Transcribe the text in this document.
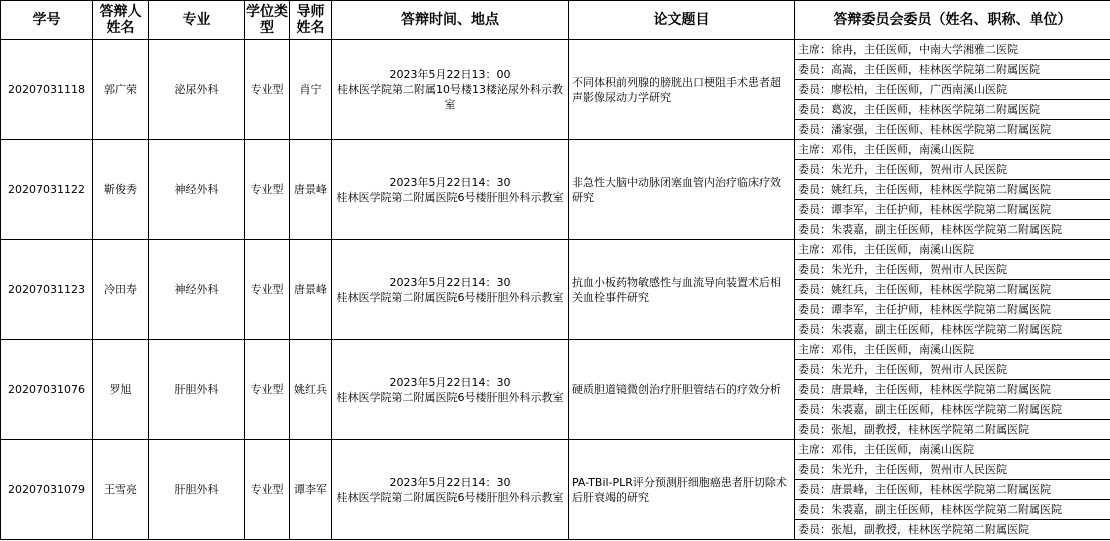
学号	答辩人姓名	专业	学位类型	导师姓名	答辩时间、地点	论文题目	答辩委员会委员（姓名、职称、单位）
20207031118	郭广荣	泌尿外科	专业型	肖宁	2023年5月22日13：00
桂林医学院第二附属10号楼13楼泌尿外科示教室	不同体积前列腺的膀胱出口梗阻手术患者超声影像尿动力学研究	主席：徐冉，主任医师，中南大学湘雅二医院
							委员：高嵩，主任医师，桂林医学院第二附属医院
							委员：廖松柏，主任医师，广西南溪山医院
							委员：葛波，主任医师，桂林医学院第二附属医院
							委员：潘家强，主任医师、桂林医学院第二附属医院
20207031122	靳俊秀	神经外科	专业型	唐景峰	2023年5月22日14：30
桂林医学院第二附属医院6号楼肝胆外科示教室	非急性大脑中动脉闭塞血管内治疗临床疗效研究	主席：邓伟，主任医师，南溪山医院
							委员：朱光升，主任医师，贺州市人民医院
							委员：姚红兵，主任医师，桂林医学院第二附属医院
							委员：谭李军，主任护师，桂林医学院第二附属医院
							委员：朱裘嘉，副主任医师，桂林医学院第二附属医院
20207031123	冷田寿	神经外科	专业型	唐景峰	2023年5月22日14：30
桂林医学院第二附属医院6号楼肝胆外科示教室	抗血小板药物敏感性与血流导向装置术后相关血栓事件研究	主席：邓伟，主任医师，南溪山医院
							委员：朱光升，主任医师，贺州市人民医院
							委员：姚红兵，主任医师，桂林医学院第二附属医院
							委员：谭李军，主任护师，桂林医学院第二附属医院
							委员：朱裘嘉，副主任医师，桂林医学院第二附属医院
20207031076	罗旭	肝胆外科	专业型	姚红兵	2023年5月22日14：30
桂林医学院第二附属医院6号楼肝胆外科示教室	硬质胆道镜微创治疗肝胆管结石的疗效分析	主席：邓伟，主任医师，南溪山医院
							委员：朱光升，主任医师，贺州市人民医院
							委员：唐景峰，主任医师，桂林医学院第二附属医院
							委员：朱裘嘉，副主任医师，桂林医学院第二附属医院
							委员：张旭，副教授，桂林医学院第二附属医院
20207031079	王雪亮	肝胆外科	专业型	谭李军	2023年5月22日14：30
桂林医学院第二附属医院6号楼肝胆外科示教室	PA-TBil-PLR评分预测肝细胞癌患者肝切除术后肝衰竭的研究	主席：邓伟，主任医师，南溪山医院
							委员：朱光升，主任医师，贺州市人民医院
							委员：唐景峰，主任医师，桂林医学院第二附属医院
							委员：朱裘嘉，副主任医师，桂林医学院第二附属医院
							委员：张旭，副教授，桂林医学院第二附属医院
